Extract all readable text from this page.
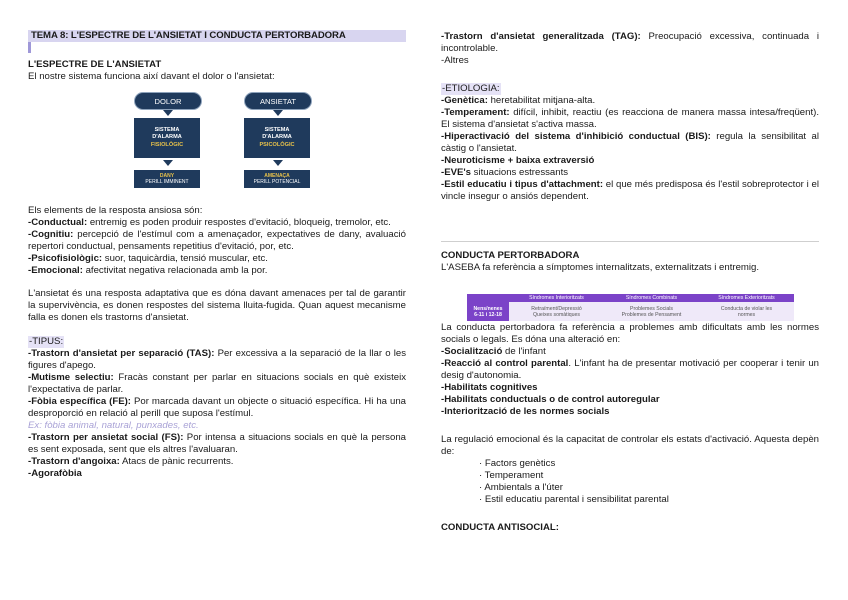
TEMA 8: L'ESPECTRE DE L'ANSIETAT I CONDUCTA PERTORBADORA

L'ESPECTRE DE L'ANSIETAT

El nostre sistema funciona així davant el dolor o l'ansietat:

DOLOR
SISTEMA
D'ALARMA
FISIOLÒGIC
DANY
PERILL IMMINENT
ANSIETAT
SISTEMA
D'ALARMA
PSICOLÒGIC
AMENAÇA
PERILL POTENCIAL

Els elements de la resposta ansiosa són:

-Conductual: entremig es poden produir respostes d'evitació, bloqueig, tremolor, etc.

-Cognitiu: percepció de l'estímul com a amenaçador, expectatives de dany, avaluació repertori conductual, pensaments repetitius d'evitació, por, etc.

-Psicofisiològic: suor, taquicàrdia, tensió muscular, etc.

-Emocional: afectivitat negativa relacionada amb la por.

L'ansietat és una resposta adaptativa que es dóna davant amenaces per tal de garantir la supervivència, es donen respostes del sistema lluita-fugida. Quan aquest mecanisme falla es donen els trastorns d'ansietat.

-TIPUS:

-Trastorn d'ansietat per separació (TAS): Per excessiva a la separació de la llar o les figures d'apego.

-Mutisme selectiu: Fracàs constant per parlar en situacions socials en què existeix l'expectativa de parlar.

-Fòbia específica (FE): Por marcada davant un objecte o situació específica. Hi ha una desproporció en relació al perill que suposa l'estímul.

Ex: fòbia animal, natural, punxades, etc.

-Trastorn per ansietat social (FS): Por intensa a situacions socials en què la persona es sent exposada, sent que els altres l'avaluaran.

-Trastorn d'angoixa: Atacs de pànic recurrents.

-Agorafòbia

-Trastorn d'ansietat generalitzada (TAG): Preocupació excessiva, continuada i incontrolable.

-Altres

-ETIOLOGIA:

-Genètica: heretabilitat mitjana-alta.

-Temperament: difícil, inhibit, reactiu (es reacciona de manera massa intesa/freqüent). El sistema d'ansietat s'activa massa.

-Hiperactivació del sistema d'inhibició conductual (BIS): regula la sensibilitat al càstig o l'ansietat.

-Neuroticisme + baixa extraversió

-EVE's situacions estressants

-Estil educatiu i tipus d'attachment: el que més predisposa és l'estil sobreprotector i el vincle insegur o ansiós dependent.

CONDUCTA PERTORBADORA

L'ASEBA fa referència a símptomes internalitzats, externalitzats i entremig.

Síndromes Interioritzats	Síndromes Combinats	Síndromes Exterioritzats
Nens/nenes
6-11 i 12-18
Retraïment/Depressió
Queixes somàtiques
Problemes Socials
Problemes de Pensament
Conducta de violar les
normes

La conducta pertorbadora fa referència a problemes amb dificultats amb les normes socials o legals. Es dóna una alteració en:

-Socialització de l'infant

-Reacció al control parental. L'infant ha de presentar motivació per cooperar i tenir un desig d'autonomia.

-Habilitats cognitives

-Habilitats conductuals o de control autoregular

-Interiorització de les normes socials

La regulació emocional és la capacitat de controlar els estats d'activació. Aquesta depèn de:

· Factors genètics

· Temperament

· Ambientals a l'úter

· Estil educatiu parental i sensibilitat parental

CONDUCTA ANTISOCIAL:
